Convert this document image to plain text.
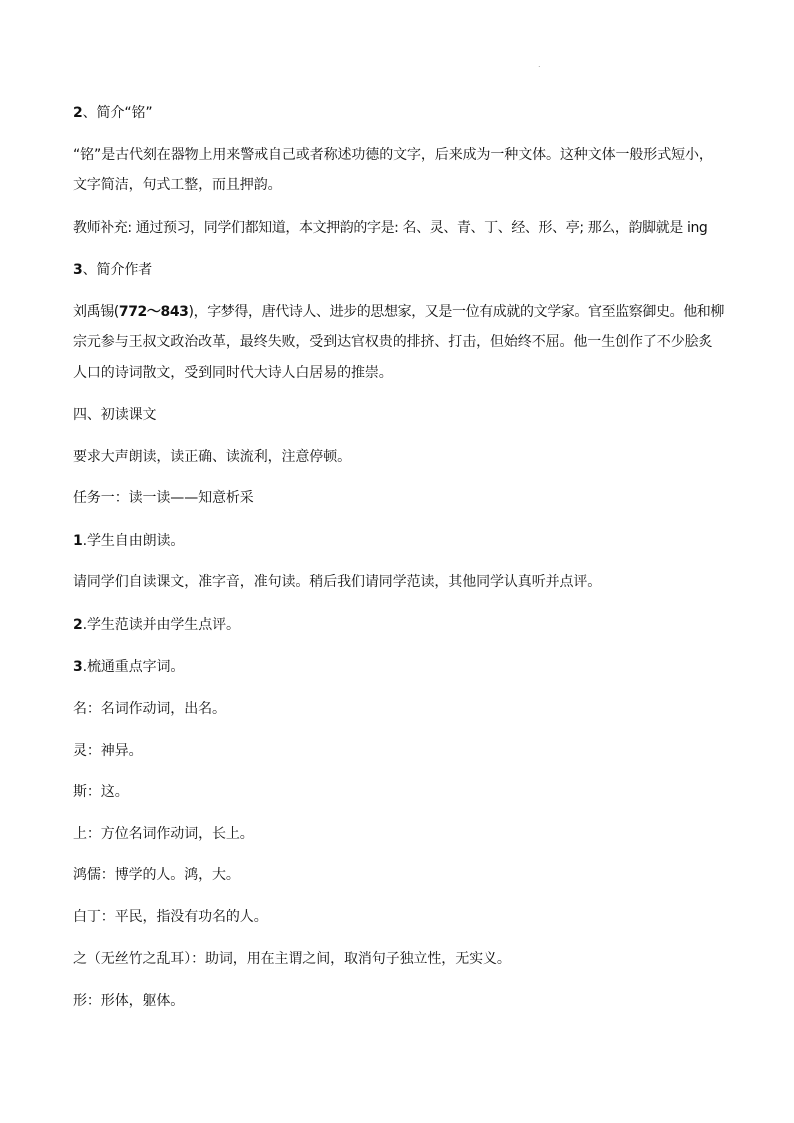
.
2、简介“铭”
“铭”是古代刻在器物上用来警戒自己或者称述功德的文字，后来成为一种文体。这种文体一般形式短小，
文字简洁，句式工整，而且押韵。
教师补充: 通过预习，同学们都知道，本文押韵的字是: 名、灵、青、丁、经、形、亭; 那么，韵脚就是 ing
3、简介作者
刘禹锡(772～843)，字梦得，唐代诗人、进步的思想家，又是一位有成就的文学家。官至监察御史。他和柳
宗元参与王叔文政治改革，最终失败，受到达官权贵的排挤、打击，但始终不屈。他一生创作了不少脍炙
人口的诗词散文，受到同时代大诗人白居易的推崇。
四、初读课文
要求大声朗读，读正确、读流利，注意停顿。
任务一：读一读——知意析采
1.学生自由朗读。
请同学们自读课文，准字音，准句读。稍后我们请同学范读，其他同学认真听并点评。
2.学生范读并由学生点评。
3.梳通重点字词。
名：名词作动词，出名。
灵：神异。
斯：这。
上：方位名词作动词，长上。
鸿儒：博学的人。鸿，大。
白丁：平民，指没有功名的人。
之（无丝竹之乱耳）：助词，用在主谓之间，取消句子独立性，无实义。
形：形体，躯体。
